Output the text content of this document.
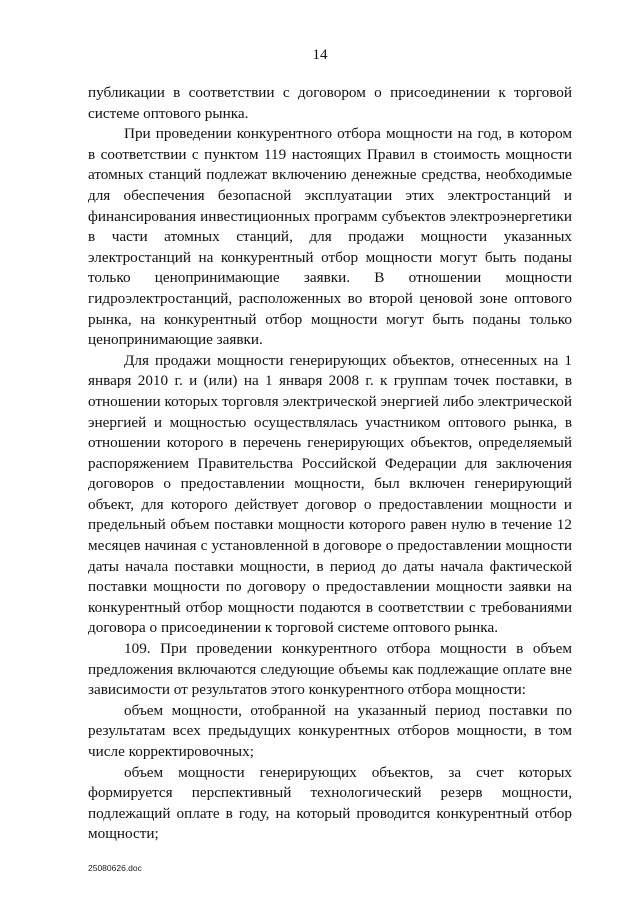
14

публикации в соответствии с договором о присоединении к торговой системе оптового рынка.

При проведении конкурентного отбора мощности на год, в котором в соответствии с пунктом 119 настоящих Правил в стоимость мощности атомных станций подлежат включению денежные средства, необходимые для обеспечения безопасной эксплуатации этих электростанций и финансирования инвестиционных программ субъектов электроэнергетики в части атомных станций, для продажи мощности указанных электростанций на конкурентный отбор мощности могут быть поданы только ценопринимающие заявки. В отношении мощности гидроэлектростанций, расположенных во второй ценовой зоне оптового рынка, на конкурентный отбор мощности могут быть поданы только ценопринимающие заявки.

Для продажи мощности генерирующих объектов, отнесенных на 1 января 2010 г. и (или) на 1 января 2008 г. к группам точек поставки, в отношении которых торговля электрической энергией либо электрической энергией и мощностью осуществлялась участником оптового рынка, в отношении которого в перечень генерирующих объектов, определяемый распоряжением Правительства Российской Федерации для заключения договоров о предоставлении мощности, был включен генерирующий объект, для которого действует договор о предоставлении мощности и предельный объем поставки мощности которого равен нулю в течение 12 месяцев начиная с установленной в договоре о предоставлении мощности даты начала поставки мощности, в период до даты начала фактической поставки мощности по договору о предоставлении мощности заявки на конкурентный отбор мощности подаются в соответствии с требованиями договора о присоединении к торговой системе оптового рынка.

109. При проведении конкурентного отбора мощности в объем предложения включаются следующие объемы как подлежащие оплате вне зависимости от результатов этого конкурентного отбора мощности:

объем мощности, отобранной на указанный период поставки по результатам всех предыдущих конкурентных отборов мощности, в том числе корректировочных;

объем мощности генерирующих объектов, за счет которых формируется перспективный технологический резерв мощности, подлежащий оплате в году, на который проводится конкурентный отбор мощности;

25080626.doc
